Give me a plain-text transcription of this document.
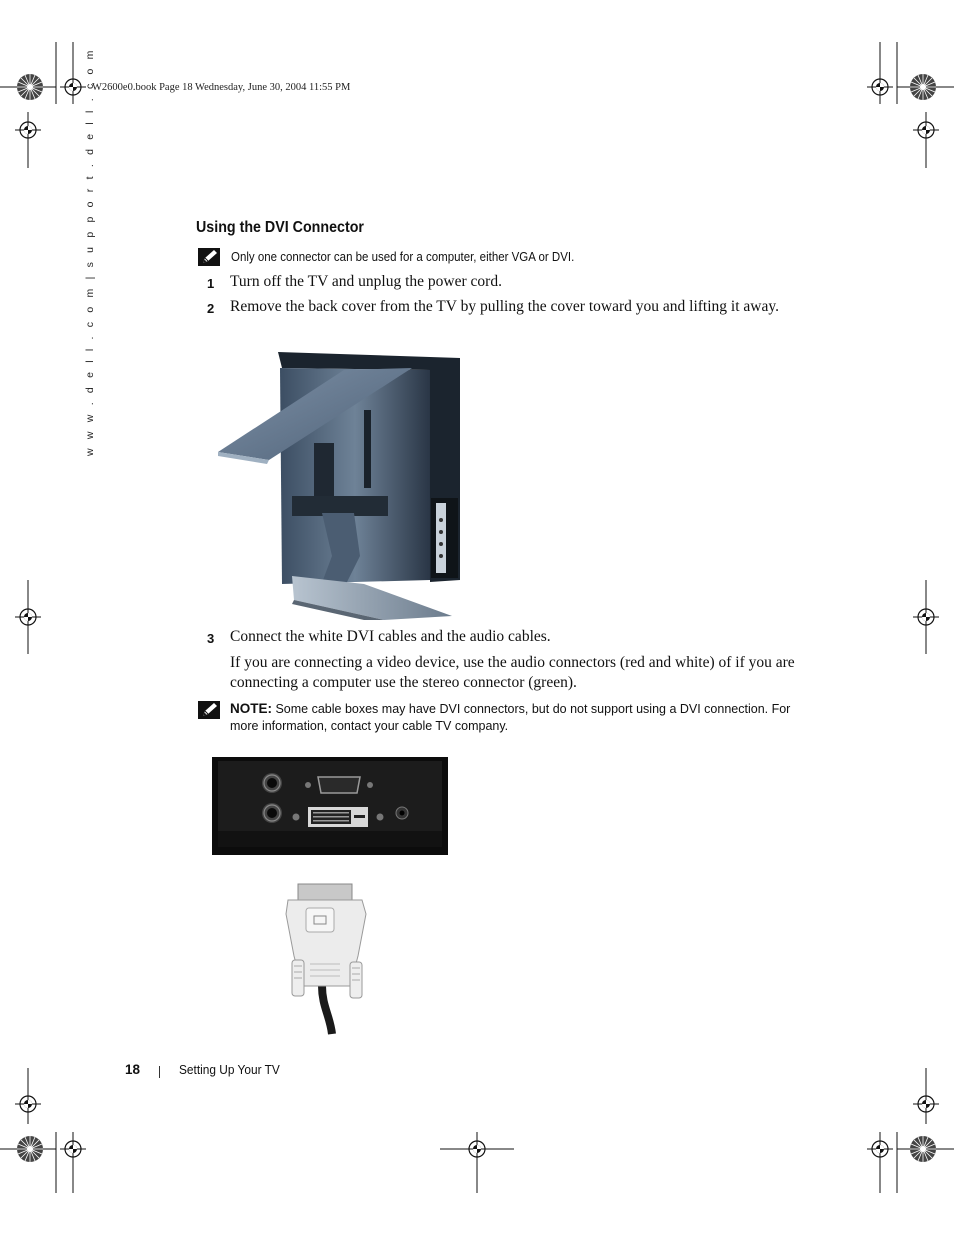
W2600e0.book Page 18 Wednesday, June 30, 2004 11:55 PM
w w w . d e l l . c o m | s u p p o r t . d e l l . c o m	Using the DVI Connector
Only one connector can be used for a computer, either VGA or DVI.
1 Turn off the TV and unplug the power cord.
2 Remove the back cover from the TV by pulling the cover toward you and lifting it away.
3 Connect the white DVI cables and the audio cables.
If you are connecting a video device, use the audio connectors (red and white) of if you are connecting a computer use the stereo connector (green).
NOTE: Some cable boxes may have DVI connectors, but do not support using a DVI connection. For more information, contact your cable TV company.
18	Setting Up Your TV
